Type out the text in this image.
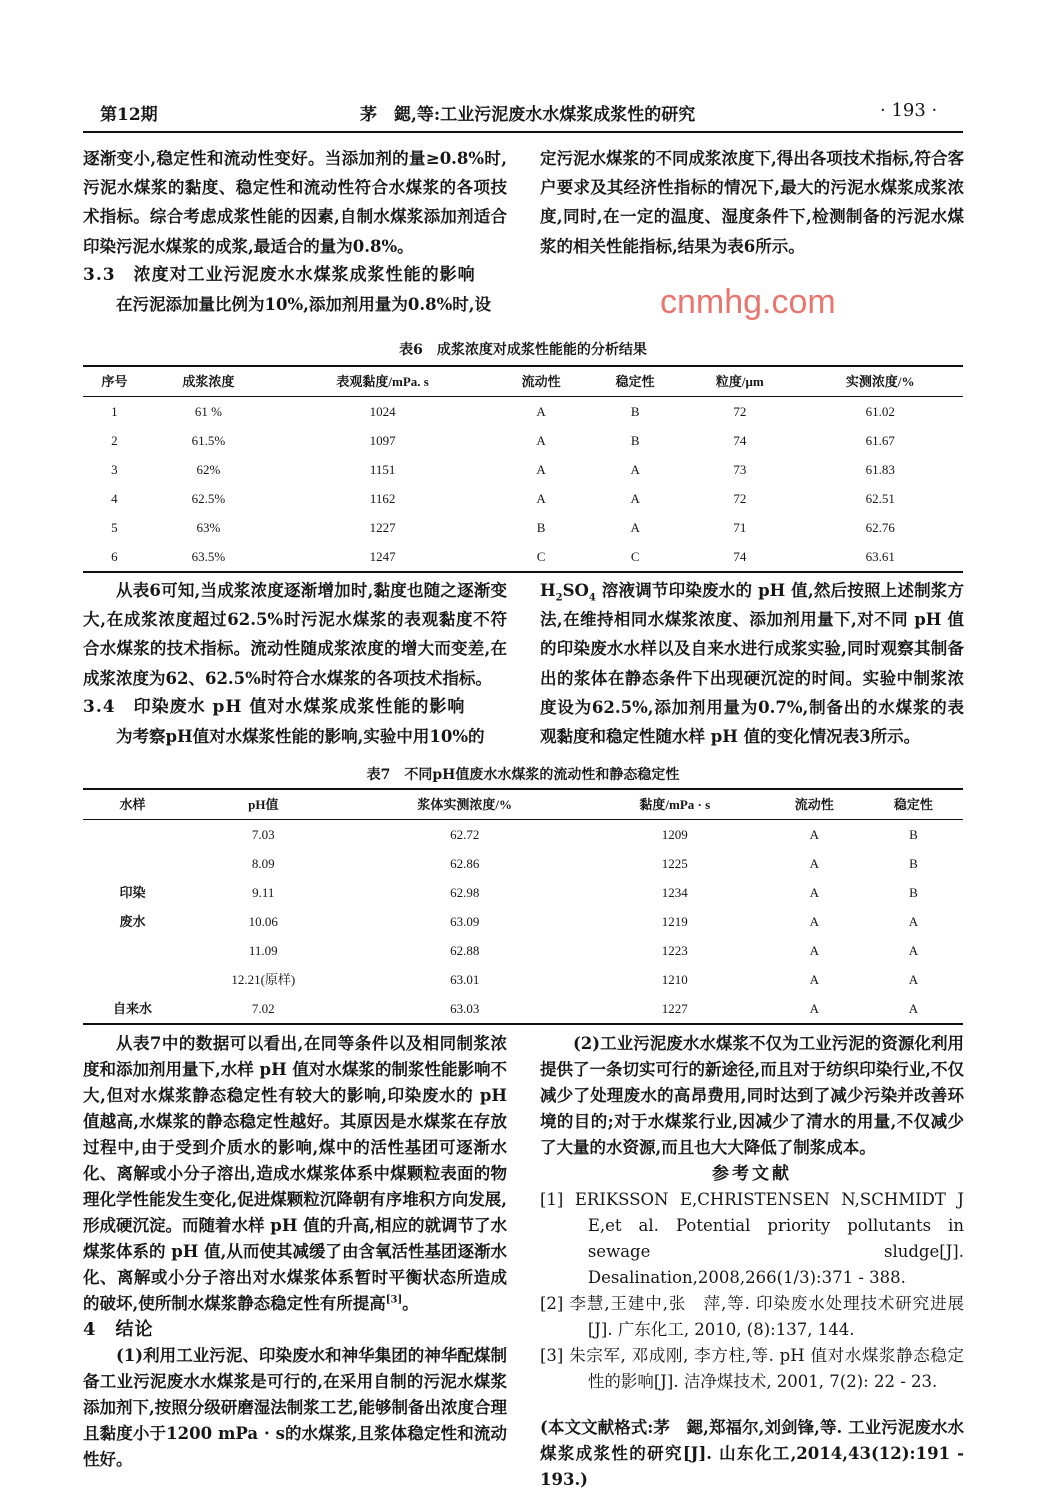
第12期	茅　鍶,等:工业污泥废水水煤浆成浆性的研究	· 193 ·

逐渐变小,稳定性和流动性变好。当添加剂的量≥0.8%时,污泥水煤浆的黏度、稳定性和流动性符合水煤浆的各项技术指标。综合考虑成浆性能的因素,自制水煤浆添加剂适合印染污泥水煤浆的成浆,最适合的量为0.8%。

3.3　浓度对工业污泥废水水煤浆成浆性能的影响

在污泥添加量比例为10%,添加剂用量为0.8%时,设

定污泥水煤浆的不同成浆浓度下,得出各项技术指标,符合客户要求及其经济性指标的情况下,最大的污泥水煤浆成浆浓度,同时,在一定的温度、湿度条件下,检测制备的污泥水煤浆的相关性能指标,结果为表6所示。

cnmhg.com
表6　成浆浓度对成浆性能能的分析结果
序号	成浆浓度	表观黏度/mPa. s	流动性	稳定性	粒度/μm	实测浓度/%
1	61 %	1024	A	B	72	61.02
2	61.5%	1097	A	B	74	61.67
3	62%	1151	A	A	73	61.83
4	62.5%	1162	A	A	72	62.51
5	63%	1227	B	A	71	62.76
6	63.5%	1247	C	C	74	63.61

从表6可知,当成浆浓度逐渐增加时,黏度也随之逐渐变大,在成浆浓度超过62.5%时污泥水煤浆的表观黏度不符合水煤浆的技术指标。流动性随成浆浓度的增大而变差,在成浆浓度为62、62.5%时符合水煤浆的各项技术指标。

3.4　印染废水 pH 值对水煤浆成浆性能的影响

为考察pH值对水煤浆性能的影响,实验中用10%的

$H_2SO_4$ 溶液调节印染废水的 pH 值,然后按照上述制浆方法,在维持相同水煤浆浓度、添加剂用量下,对不同 pH 值的印染废水水样以及自来水进行成浆实验,同时观察其制备出的浆体在静态条件下出现硬沉淀的时间。实验中制浆浓度设为62.5%,添加剂用量为0.7%,制备出的水煤浆的表观黏度和稳定性随水样 pH 值的变化情况表3所示。

表7　不同pH值废水水煤浆的流动性和静态稳定性
水样	pH值	浆体实测浓度/%	黏度/mPa · s	流动性	稳定性
	7.03	62.72	1209	A	B
	8.09	62.86	1225	A	B
印染	9.11	62.98	1234	A	B
废水	10.06	63.09	1219	A	A
	11.09	62.88	1223	A	A
	12.21(原样)	63.01	1210	A	A
自来水	7.02	63.03	1227	A	A

从表7中的数据可以看出,在同等条件以及相同制浆浓度和添加剂用量下,水样 pH 值对水煤浆的制浆性能影响不大,但对水煤浆静态稳定性有较大的影响,印染废水的 pH 值越高,水煤浆的静态稳定性越好。其原因是水煤浆在存放过程中,由于受到介质水的影响,煤中的活性基团可逐渐水化、离解或小分子溶出,造成水煤浆体系中煤颗粒表面的物理化学性能发生变化,促进煤颗粒沉降朝有序堆积方向发展,形成硬沉淀。而随着水样 pH 值的升高,相应的就调节了水煤浆体系的 pH 值,从而使其减缓了由含氧活性基团逐渐水化、离解或小分子溶出对水煤浆体系暂时平衡状态所造成的破坏,使所制水煤浆静态稳定性有所提高[3]。

4　结论

(1)利用工业污泥、印染废水和神华集团的神华配煤制备工业污泥废水水煤浆是可行的,在采用自制的污泥水煤浆添加剂下,按照分级研磨湿法制浆工艺,能够制备出浓度合理且黏度小于1200 mPa · s的水煤浆,且浆体稳定性和流动性好。

(2)工业污泥废水水煤浆不仅为工业污泥的资源化利用提供了一条切实可行的新途径,而且对于纺织印染行业,不仅减少了处理废水的高昂费用,同时达到了减少污染并改善环境的目的;对于水煤浆行业,因减少了清水的用量,不仅减少了大量的水资源,而且也大大降低了制浆成本。

参考文献

[1] ERIKSSON E,CHRISTENSEN N,SCHMIDT J E,et al. Potential priority pollutants in sewage sludge[J]. Desalination,2008,266(1/3):371 - 388.

[2] 李慧,王建中,张　萍,等. 印染废水处理技术研究进展[J]. 广东化工, 2010, (8):137, 144.

[3] 朱宗军, 邓成刚, 李方柱,等. pH 值对水煤浆静态稳定性的影响[J]. 洁净煤技术, 2001, 7(2): 22 - 23.

(本文文献格式:茅　鍶,郑福尔,刘剑锋,等. 工业污泥废水水煤浆成浆性的研究[J]. 山东化工,2014,43(12):191 - 193.)
